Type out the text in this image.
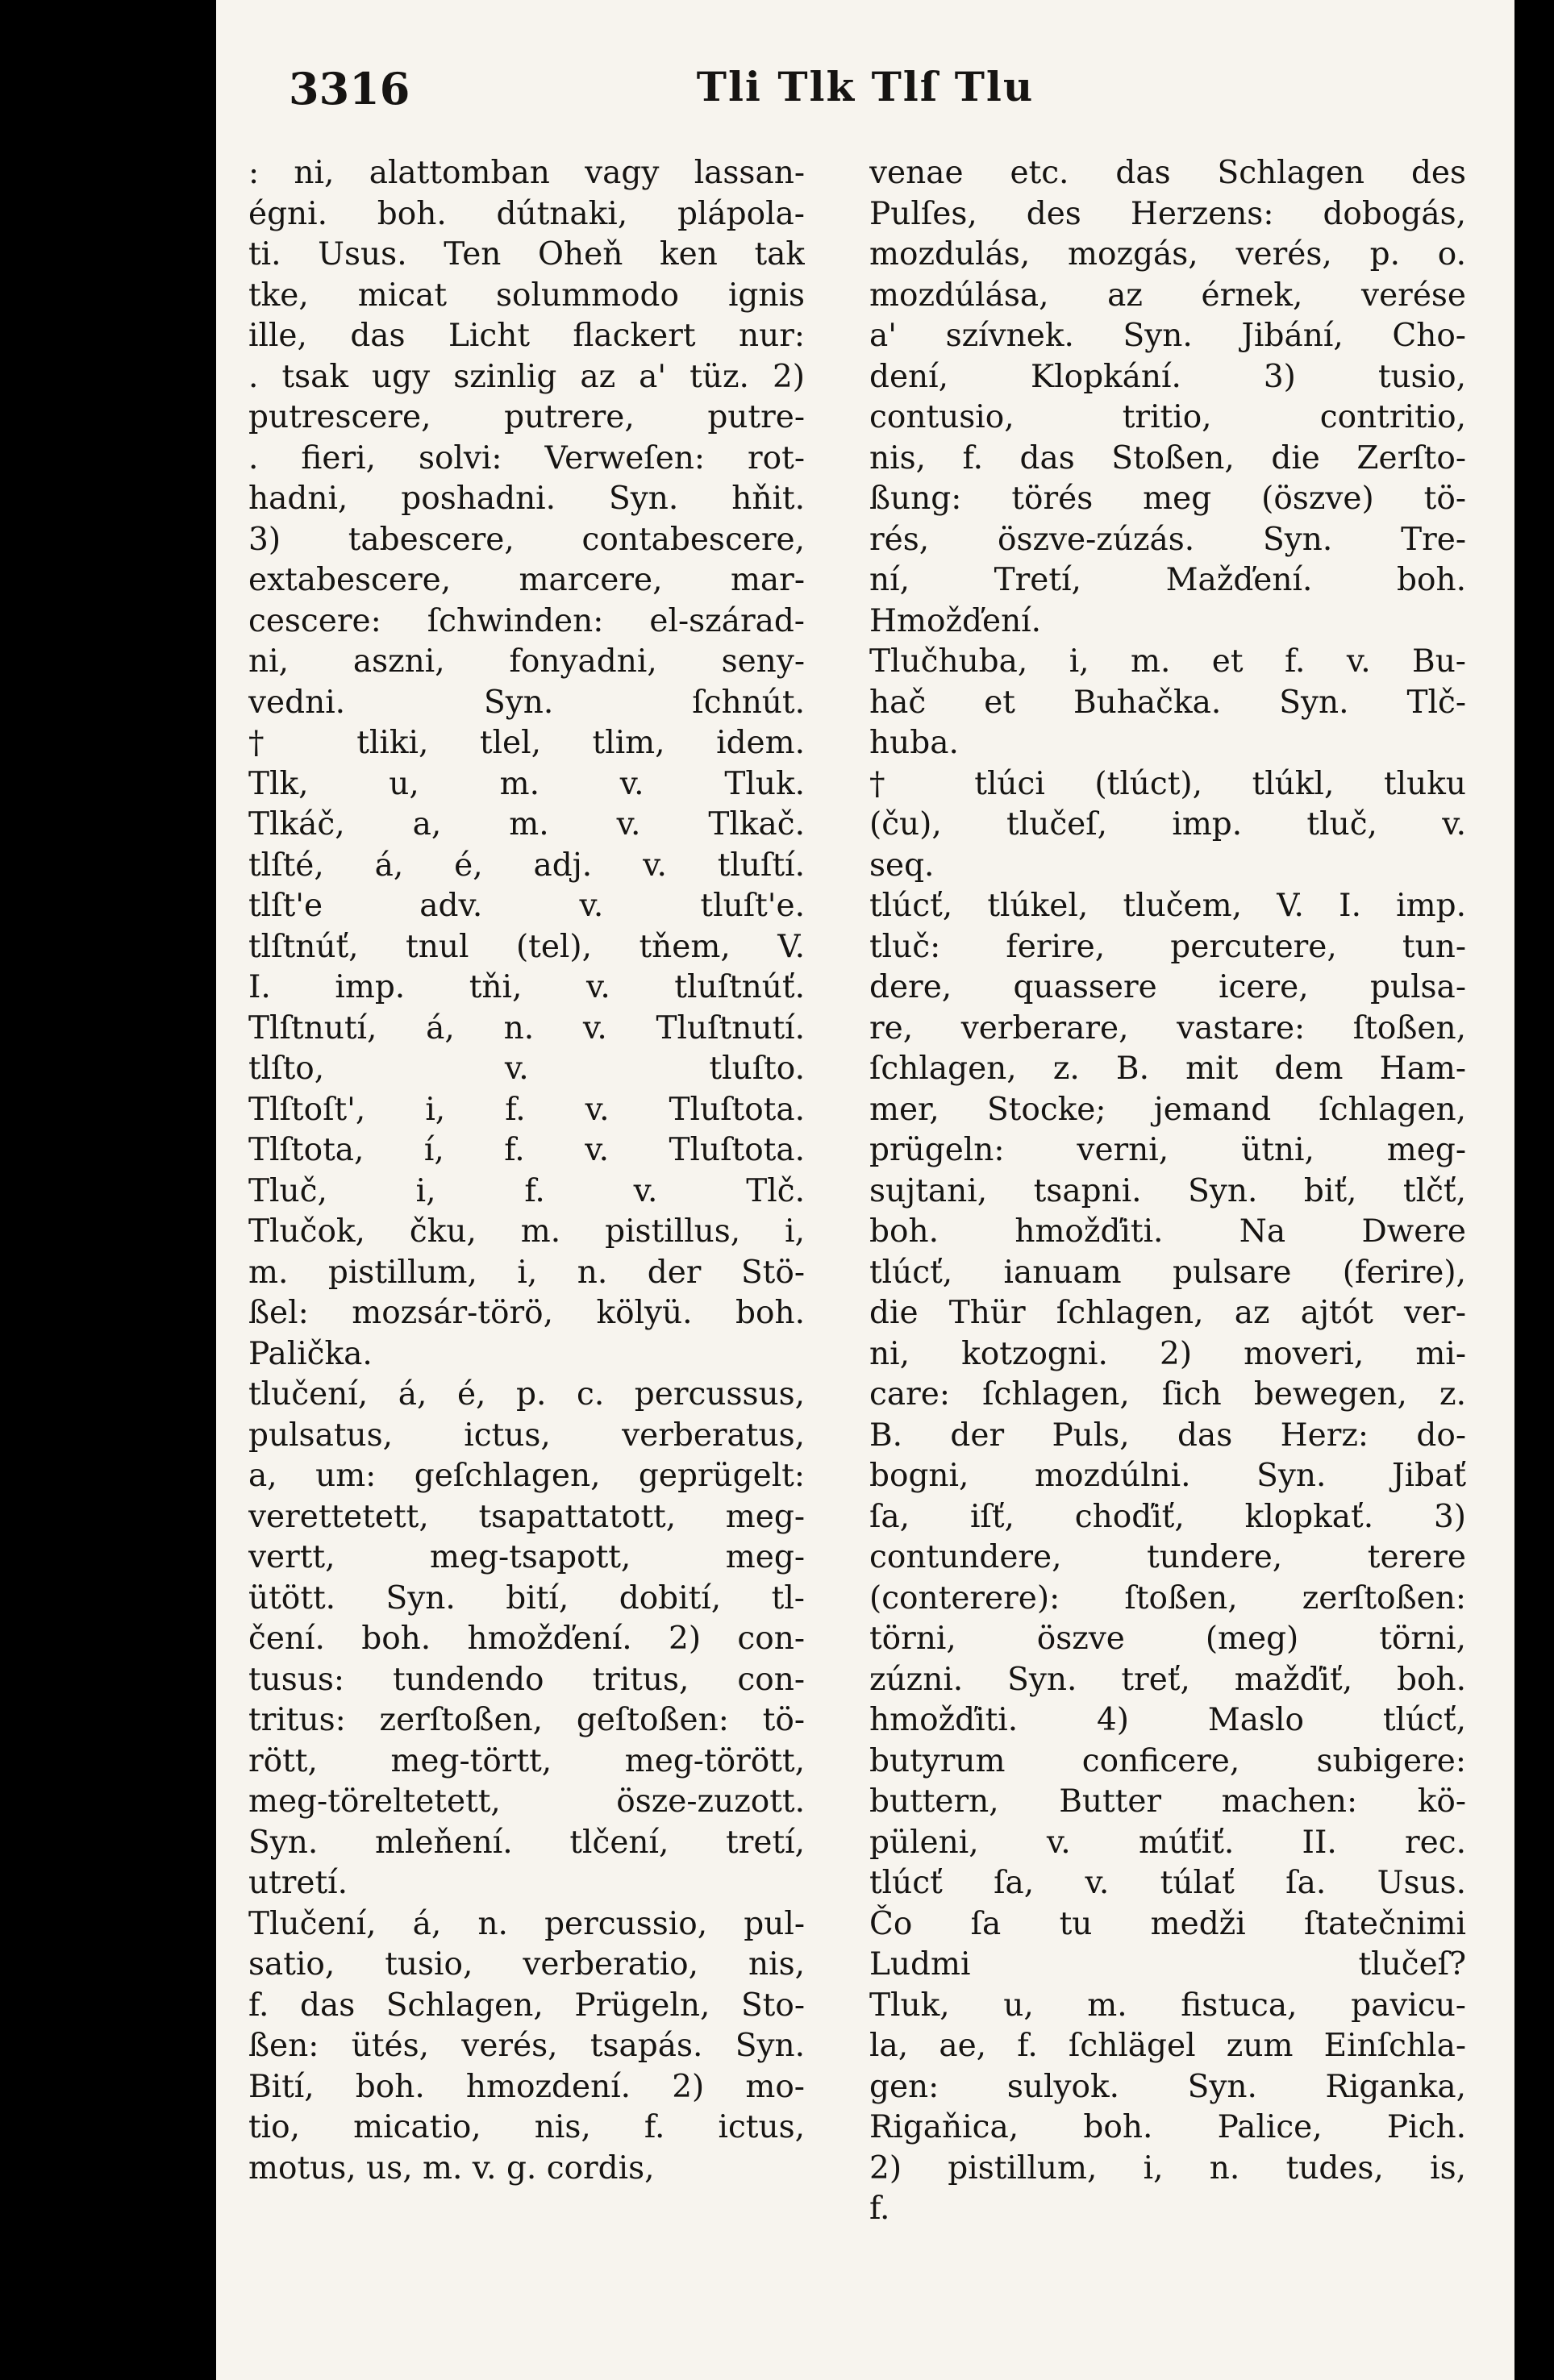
3316	Tli Tlk Tlſ Tlu
: ni, alattomban vagy lassan-
égni. boh. dútnaki, plápola-
ti. Usus. Ten Oheň ken tak
tke, micat solummodo ignis
ille, das Licht flackert nur:
. tsak ugy szinlig az a' tüz. 2)
putrescere, putrere, putre-
. fieri, solvi: Verweſen: rot-
hadni, poshadni. Syn. hňit.
3) tabescere, contabescere,
extabescere, marcere, mar-
cescere: ſchwinden: el-szárad-
ni, aszni, fonyadni, seny-
vedni. Syn. ſchnút.
† tliki, tlel, tlim, idem.
Tlk, u, m. v. Tluk.
Tlkáč, a, m. v. Tlkač.
tlſté, á, é, adj. v. tluſtí.
tlſt'e adv. v. tluſt'e.
tlſtnúť, tnul (tel), tňem, V.
I. imp. tňi, v. tluſtnúť.
Tlſtnutí, á, n. v. Tluſtnutí.
tlſto, v. tluſto.
Tlſtoſt', i, f. v. Tluſtota.
Tlſtota, í, f. v. Tluſtota.
Tluč, i, f. v. Tlč.
Tlučok, čku, m. pistillus, i,
m. pistillum, i, n. der Stö-
ßel: mozsár-törö, kölyü. boh.
Palička.
tlučení, á, é, p. c. percussus,
pulsatus, ictus, verberatus,
a, um: geſchlagen, geprügelt:
verettetett, tsapattatott, meg-
vertt, meg-tsapott, meg-
ütött. Syn. bití, dobití, tl-
čení. boh. hmožďení. 2) con-
tusus: tundendo tritus, con-
tritus: zerſtoßen, geſtoßen: tö-
rött, meg-törtt, meg-törött,
meg-töreltetett, ösze-zuzott.
Syn. mleňení. tlčení, tretí,
utretí.
Tlučení, á, n. percussio, pul-
satio, tusio, verberatio, nis,
f. das Schlagen, Prügeln, Sto-
ßen: ütés, verés, tsapás. Syn.
Bití, boh. hmozdení. 2) mo-
tio, micatio, nis, f. ictus,
motus, us, m. v. g. cordis,
venae etc. das Schlagen des
Pulſes, des Herzens: dobogás,
mozdulás, mozgás, verés, p. o.
mozdúlása, az érnek, verése
a' szívnek. Syn. Jibání, Cho-
dení, Klopkání. 3) tusio,
contusio, tritio, contritio,
nis, f. das Stoßen, die Zerſto-
ßung: törés meg (öszve) tö-
rés, öszve-zúzás. Syn. Tre-
ní, Tretí, Mažďení. boh.
Hmožďení.
Tlučhuba, i, m. et f. v. Bu-
hač et Buhačka. Syn. Tlč-
huba.
† tlúci (tlúct), tlúkl, tluku
(ču), tlučeſ, imp. tluč, v.
seq.
tlúcť, tlúkel, tlučem, V. I. imp.
tluč: ferire, percutere, tun-
dere, quassere icere, pulsa-
re, verberare, vastare: ſtoßen,
ſchlagen, z. B. mit dem Ham-
mer, Stocke; jemand ſchlagen,
prügeln: verni, ütni, meg-
sujtani, tsapni. Syn. biť, tlčť,
boh. hmožďiti. Na Dwere
tlúcť, ianuam pulsare (ferire),
die Thür ſchlagen, az ajtót ver-
ni, kotzogni. 2) moveri, mi-
care: ſchlagen, ſich bewegen, z.
B. der Puls, das Herz: do-
bogni, mozdúlni. Syn. Jibať
ſa, iſť, choďiť, klopkať. 3)
contundere, tundere, terere
(conterere): ſtoßen, zerſtoßen:
törni, öszve (meg) törni,
zúzni. Syn. treť, mažďiť, boh.
hmožďiti. 4) Maslo tlúcť,
butyrum conficere, subigere:
buttern, Butter machen: kö-
püleni, v. múťiť. II. rec.
tlúcť ſa, v. túlať ſa. Usus.
Čo ſa tu medži ſtatečnimi
Ludmi tlučeſ?
Tluk, u, m. fistuca, pavicu-
la, ae, f. ſchlägel zum Einſchla-
gen: sulyok. Syn. Riganka,
Rigaňica, boh. Palice, Pich.
2) pistillum, i, n. tudes, is,
f.
